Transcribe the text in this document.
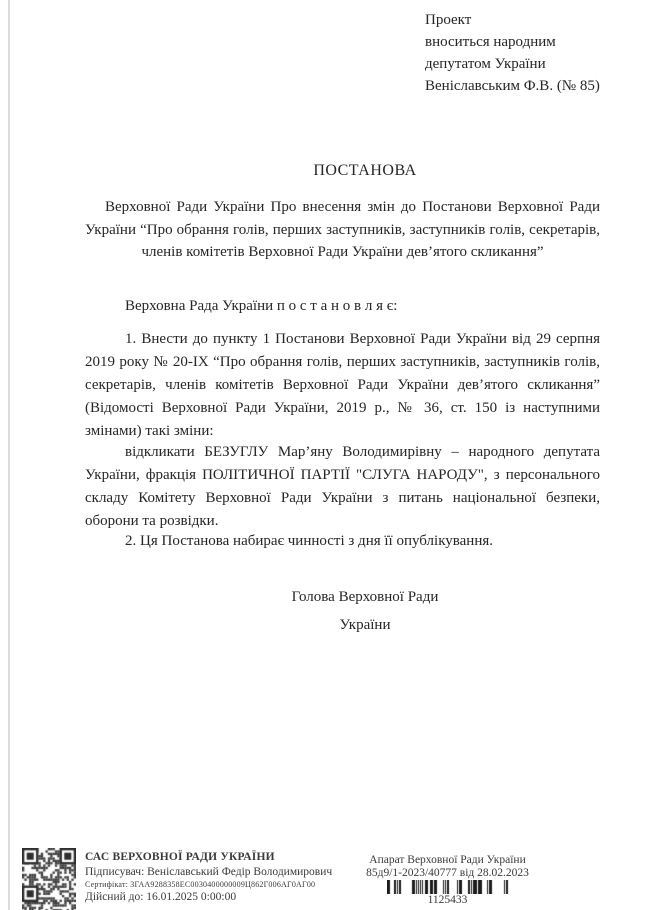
Проект
вноситься народним
депутатом України
Веніславським Ф.В. (№ 85)
ПОСТАНОВА
Верховної Ради України Про внесення змін до Постанови Верховної Ради України “Про обрання голів, перших заступників, заступників голів, секретарів, членів комітетів Верховної Ради України дев’ятого скликання”

Верховна Рада України п о с т а н о в л я є:

1. Внести до пункту 1 Постанови Верховної Ради України від 29 серпня 2019 року № 20-ІХ “Про обрання голів, перших заступників, заступників голів, секретарів, членів комітетів Верховної Ради України дев’ятого скликання” (Відомості Верховної Ради України, 2019 р., № 36, ст. 150 із наступними змінами) такі зміни:

відкликати БЕЗУГЛУ Мар’яну Володимирівну – народного депутата України, фракція ПОЛІТИЧНОЇ ПАРТІЇ "СЛУГА НАРОДУ", з персонального складу Комітету Верховної Ради України з питань національної безпеки, оборони та розвідки.

2. Ця Постанова набирає чинності з дня її опублікування.

Голова Верховної Ради
України
САС ВЕРХОВНОЇ РАДИ УКРАЇНИ
Підписувач: Веніславський Федір Володимирович
Сертифікат: 3ГАА9288358ЕС0030400000009Ц862Г006АГ0АГ00
Дійсний до: 16.01.2025 0:00:00
Апарат Верховної Ради України
85д9/1-2023/40777 від 28.02.2023
1125433
